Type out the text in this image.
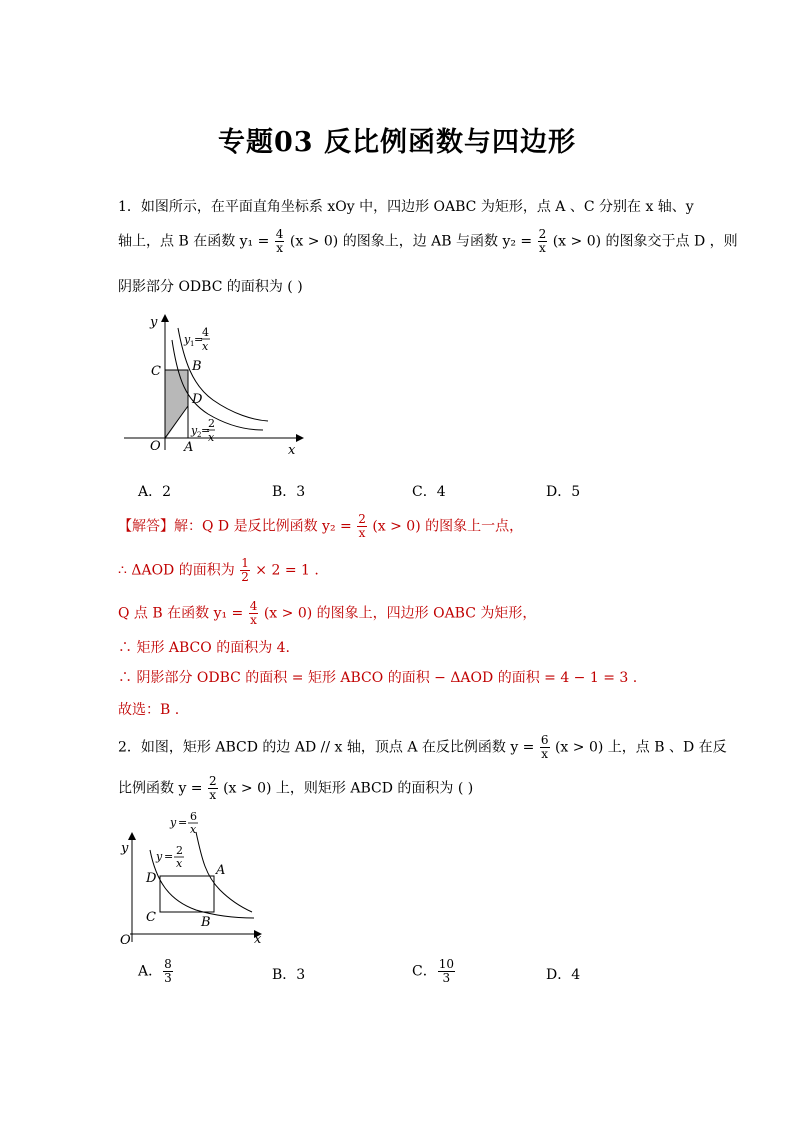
专题03 反比例函数与四边形
1．如图所示，在平面直角坐标系 xOy 中，四边形 OABC 为矩形，点 A 、C 分别在 x 轴、y
轴上，点 B 在函数 $y_1 = \frac{4}{x} (x > 0)$ 的图象上，边 AB 与函数 $y_2 = \frac{2}{x} (x > 0)$ 的图象交于点 D ，则
阴影部分 ODBC 的面积为 ( )
y
x
O A
B
C
D
y 1 =
4
x
y 2 =
2
x
A．2	B．3	C．4	D．5
【解答】解：Q D 是反比例函数 $y_2 = \frac{2}{x} (x > 0)$ 的图象上一点，
∴ ΔAOD 的面积为 $\frac{1}{2} \times 2 = 1$ .
Q 点 B 在函数 $y_1 = \frac{4}{x} (x > 0)$ 的图象上，四边形 OABC 为矩形，
∴ 矩形 ABCO 的面积为 4.
∴ 阴影部分 ODBC 的面积 = 矩形 ABCO 的面积 − ΔAOD 的面积 = 4 − 1 = 3 .
故选：B .
2．如图，矩形 ABCD 的边 AD // x 轴，顶点 A 在反比例函数 $y = \frac{6}{x} (x > 0)$ 上，点 B 、D 在反
比例函数 $y = \frac{2}{x} (x > 0)$ 上，则矩形 ABCD 的面积为 ( )
y
x
O
A
B
C
D
y = 6
x
y = 2
x
A． $\frac{8}{3}$	B．3	C． $\frac{10}{3}$	D．4
